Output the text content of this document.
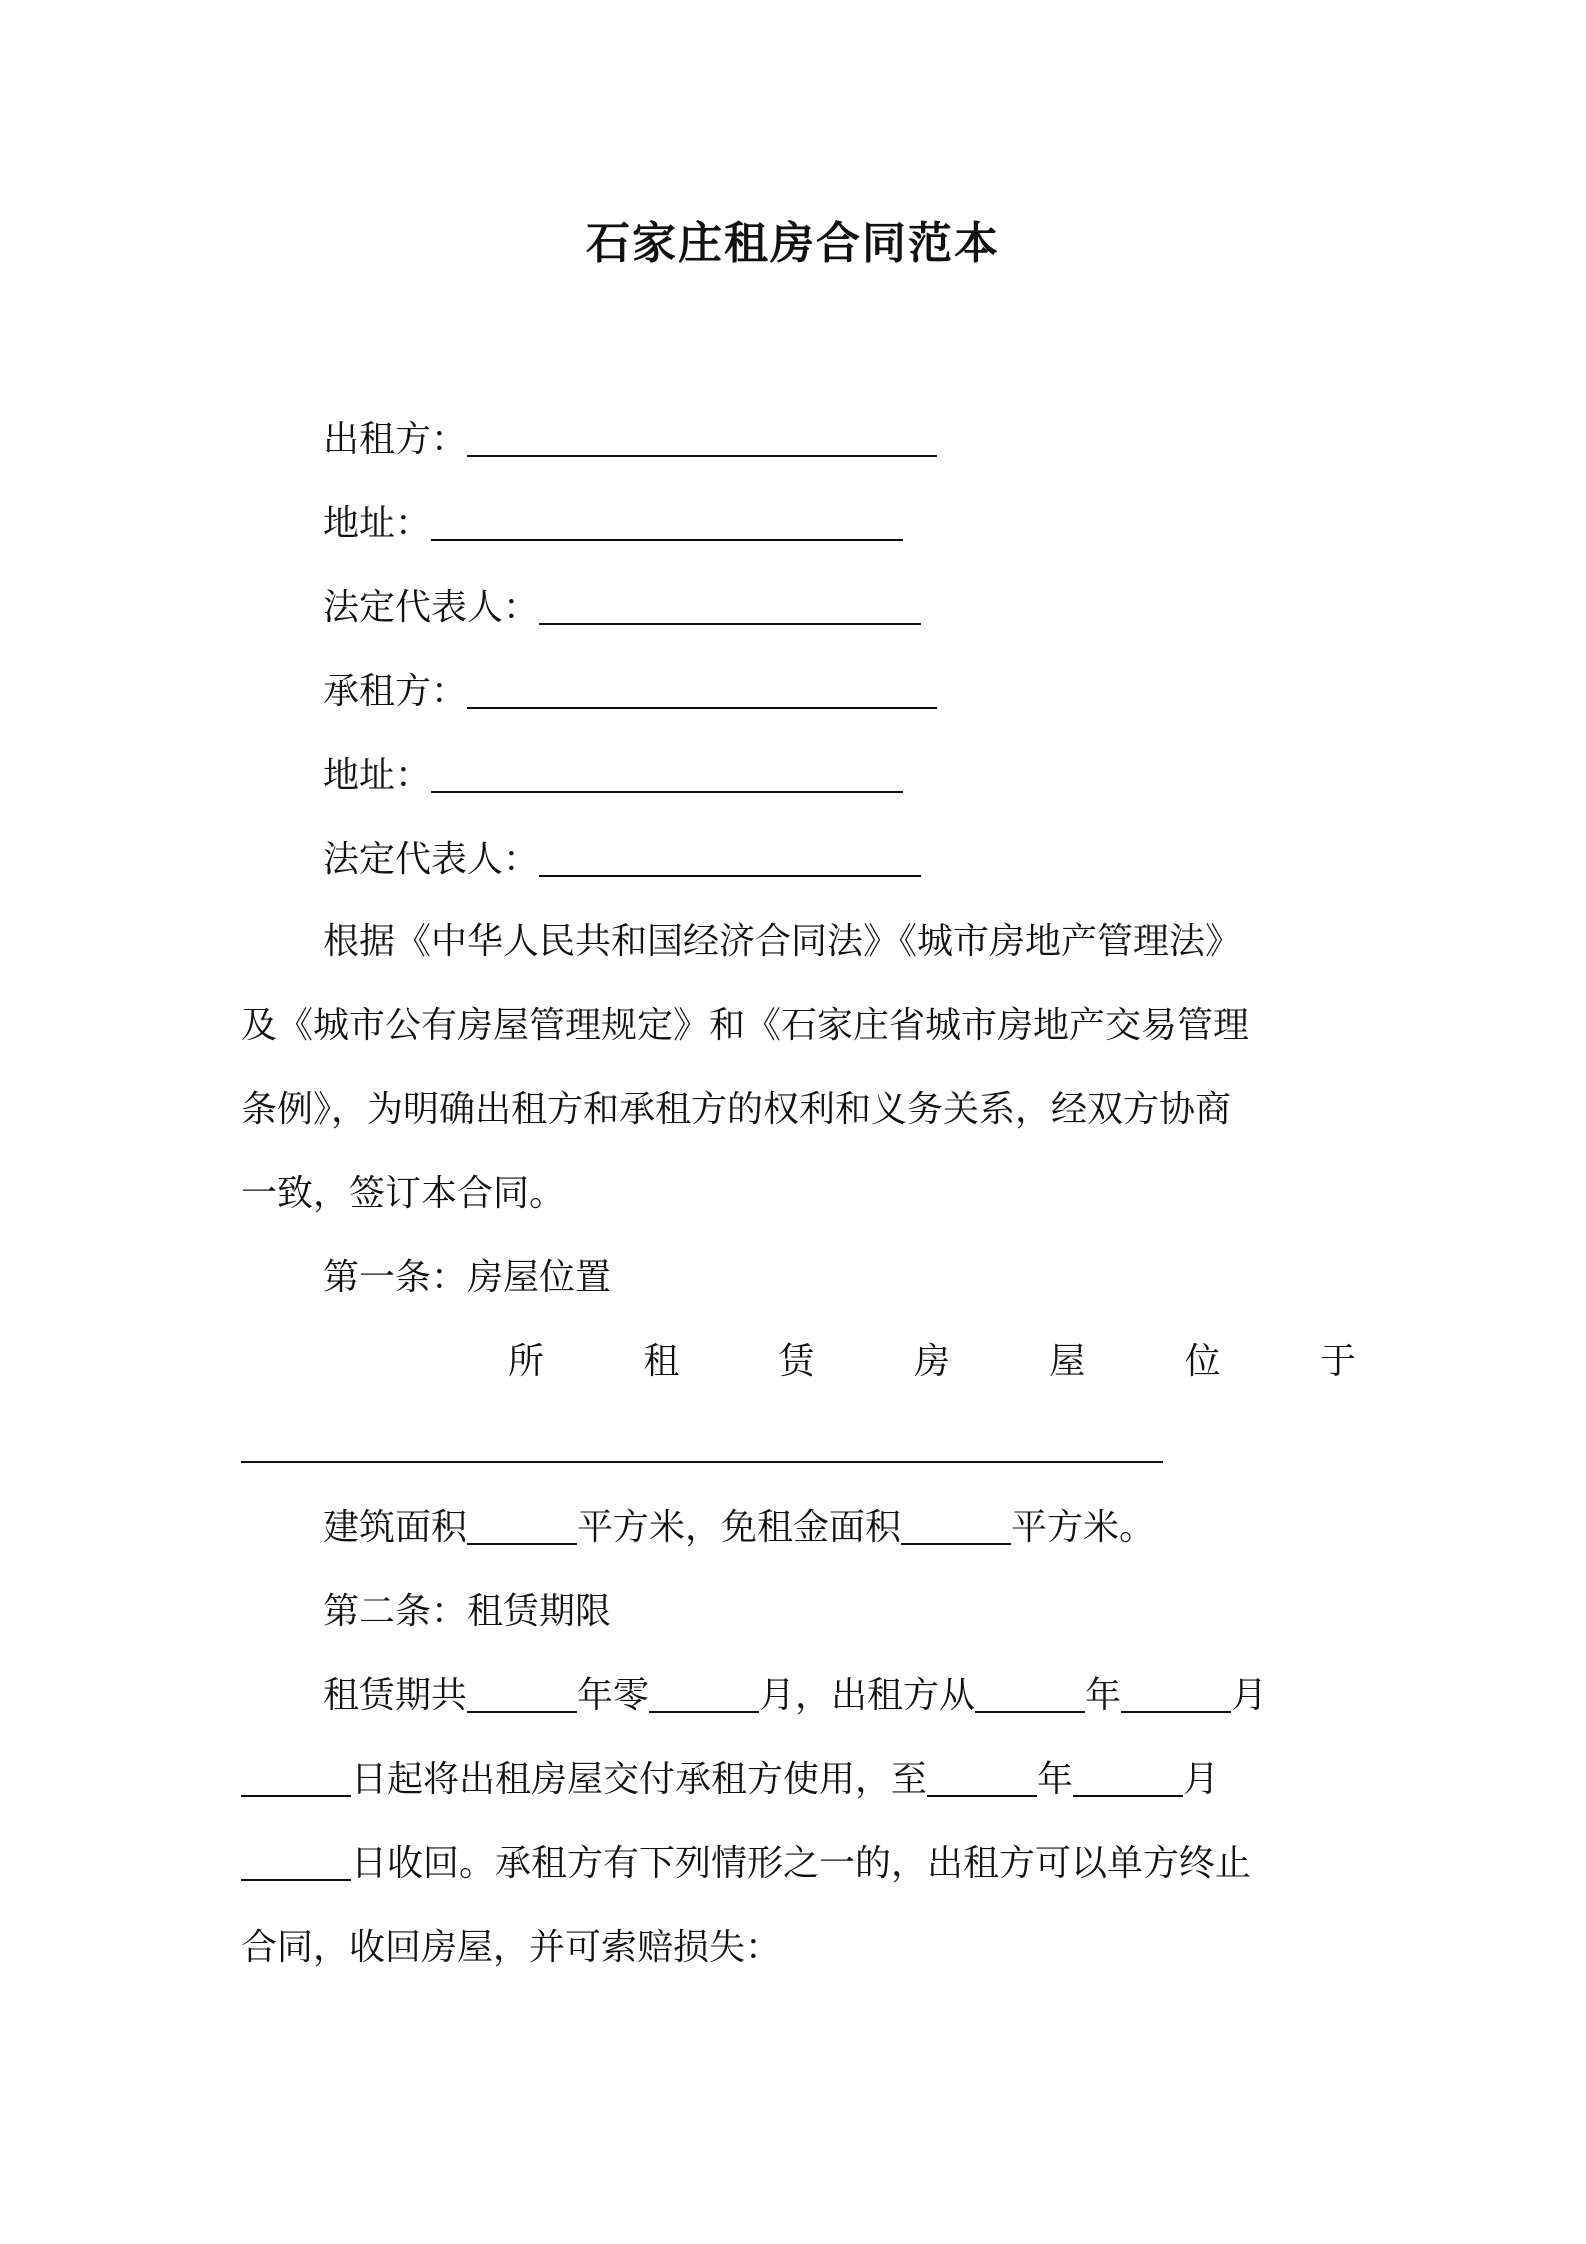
石家庄租房合同范本
出租方：
地址：
法定代表人：
承租方：
地址：
法定代表人：
根据《中华人民共和国经济合同法》《城市房地产管理法》
及《城市公有房屋管理规定》和《石家庄省城市房地产交易管理
条例》，为明确出租方和承租方的权利和义务关系，经双方协商
一致，签订本合同。
第一条：房屋位置
所	租	赁	房	屋	位	于
建筑面积	平方米，免租金面积	平方米。
第二条：租赁期限
租赁期共	年零	月，出租方从	年	月
日起将出租房屋交付承租方使用，至	年	月
日收回。承租方有下列情形之一的，出租方可以单方终止
合同，收回房屋，并可索赔损失：
